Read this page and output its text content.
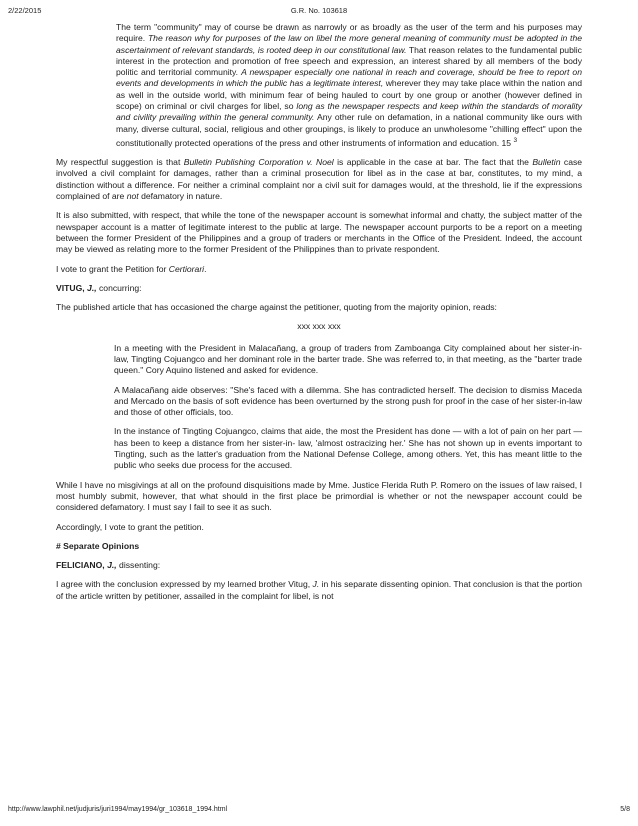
2/22/2015	G.R. No. 103618

The term "community" may of course be drawn as narrowly or as broadly as the user of the term and his purposes may require. The reason why for purposes of the law on libel the more general meaning of community must be adopted in the ascertainment of relevant standards, is rooted deep in our constitutional law. That reason relates to the fundamental public interest in the protection and promotion of free speech and expression, an interest shared by all members of the body politic and territorial community. A newspaper especially one national in reach and coverage, should be free to report on events and developments in which the public has a legitimate interest, wherever they may take place within the nation and as well in the outside world, with minimum fear of being hauled to court by one group or another (however defined in scope) on criminal or civil charges for libel, so long as the newspaper respects and keep within the standards of morality and civility prevailing within the general community. Any other rule on defamation, in a national community like ours with many, diverse cultural, social, religious and other groupings, is likely to produce an unwholesome "chilling effect" upon the constitutionally protected operations of the press and other instruments of information and education. 15 $^3$

My respectful suggestion is that Bulletin Publishing Corporation v. Noel is applicable in the case at bar. The fact that the Bulletin case involved a civil complaint for damages, rather than a criminal prosecution for libel as in the case at bar, constitutes, to my mind, a distinction without a difference. For neither a criminal complaint nor a civil suit for damages would, at the threshold, lie if the expressions complained of are not defamatory in nature.

It is also submitted, with respect, that while the tone of the newspaper account is somewhat informal and chatty, the subject matter of the newspaper account is a matter of legitimate interest to the public at large. The newspaper account purports to be a report on a meeting between the former President of the Philippines and a group of traders or merchants in the Office of the President. Indeed, the account may be viewed as relating more to the former President of the Philippines than to private respondent.

I vote to grant the Petition for Certiorari.

VITUG, J., concurring:

The published article that has occasioned the charge against the petitioner, quoting from the majority opinion, reads:

xxx xxx xxx

In a meeting with the President in Malacañang, a group of traders from Zamboanga City complained about her sister-in-law, Tingting Cojuangco and her dominant role in the barter trade. She was referred to, in that meeting, as the "barter trade queen." Cory Aquino listened and asked for evidence.

A Malacañang aide observes: "She's faced with a dilemma. She has contradicted herself. The decision to dismiss Maceda and Mercado on the basis of soft evidence has been overturned by the strong push for proof in the case of her sister-in-law and those of other officials, too.

In the instance of Tingting Cojuangco, claims that aide, the most the President has done — with a lot of pain on her part — has been to keep a distance from her sister-in- law, 'almost ostracizing her.' She has not shown up in events important to Tingting, such as the latter's graduation from the National Defense College, among others. Yet, this has meant little to the public who seeks due process for the accused.

While I have no misgivings at all on the profound disquisitions made by Mme. Justice Flerida Ruth P. Romero on the issues of law raised, I most humbly submit, however, that what should in the first place be primordial is whether or not the newspaper account could be considered defamatory. I must say I fail to see it as such.

Accordingly, I vote to grant the petition.

# Separate Opinions

FELICIANO, J., dissenting:

I agree with the conclusion expressed by my learned brother Vitug, J. in his separate dissenting opinion. That conclusion is that the portion of the article written by petitioner, assailed in the complaint for libel, is not

http://www.lawphil.net/judjuris/juri1994/may1994/gr_103618_1994.html	5/8
